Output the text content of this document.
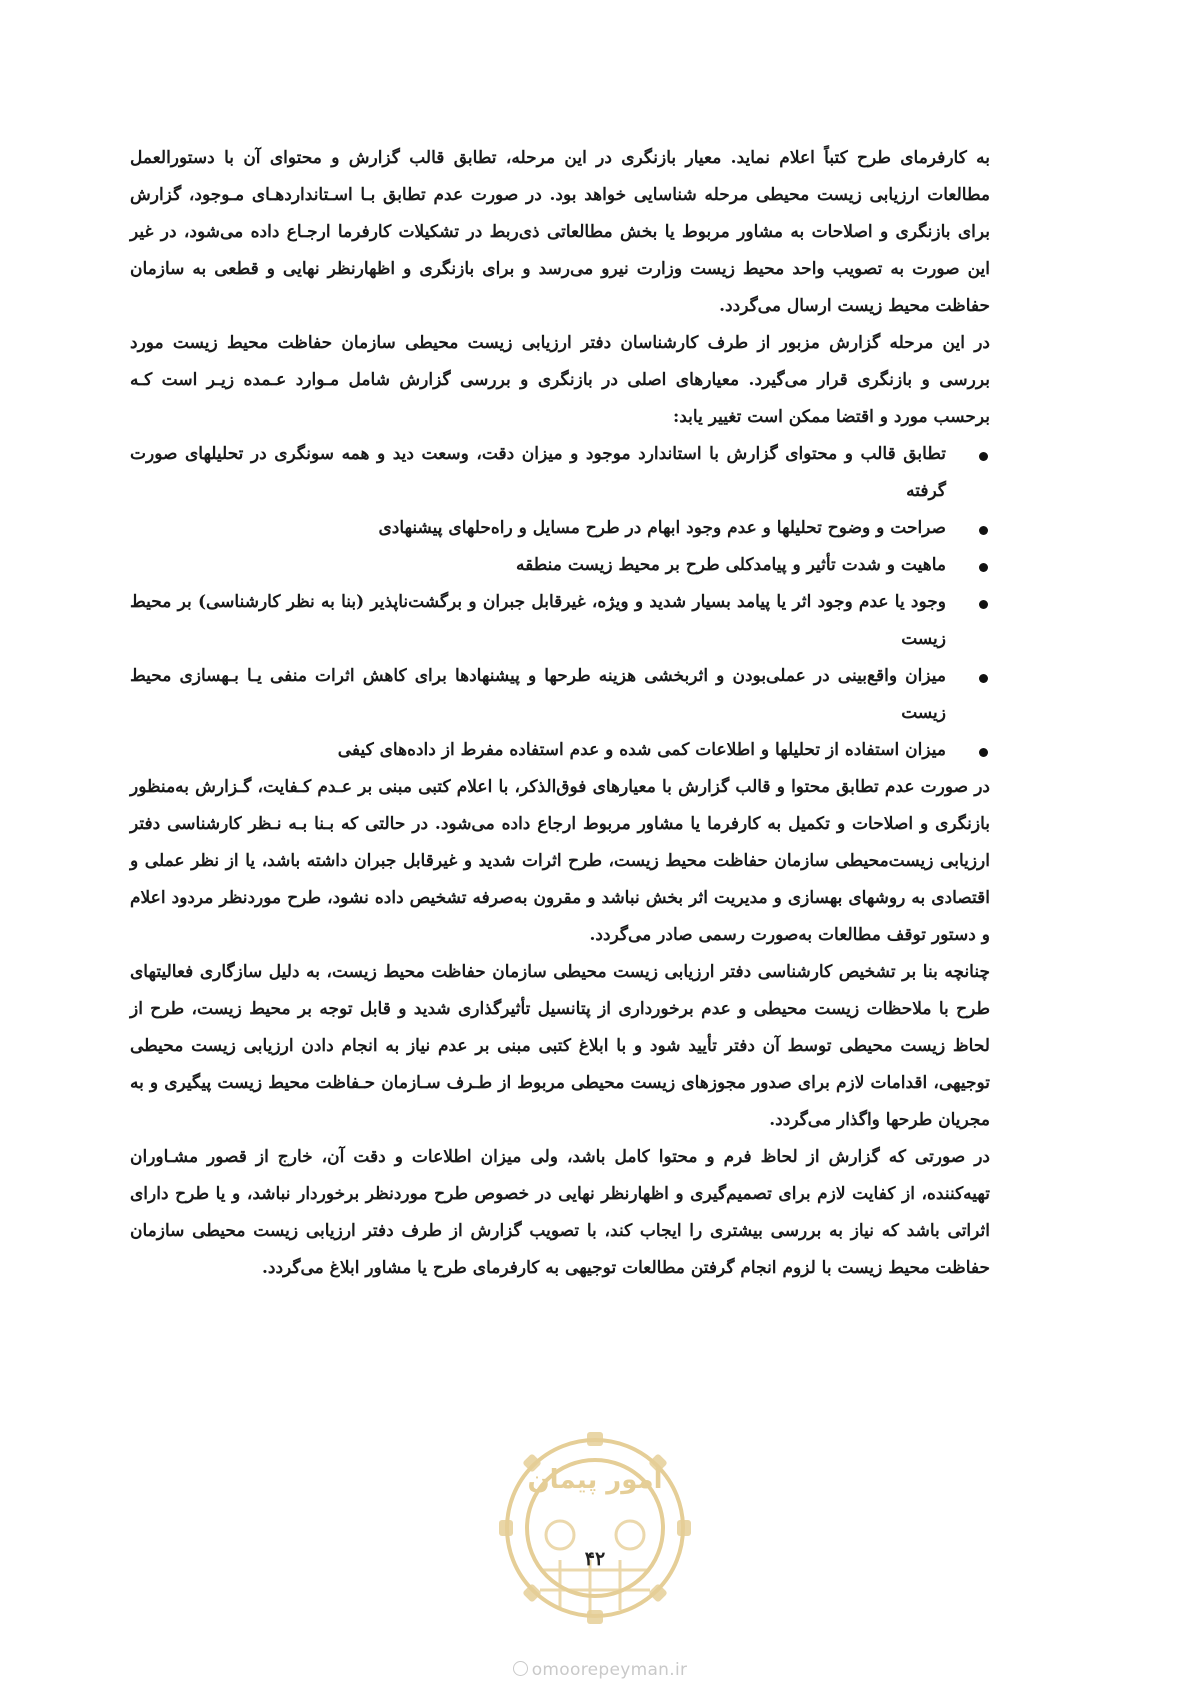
به کارفرمای طرح کتباً اعلام نماید. معیار بازنگری در این مرحله، تطابق قالب گزارش و محتوای آن با دستورالعمل مطالعات ارزیابی زیست محیطی مرحله شناسایی خواهد بود. در صورت عدم تطابق بـا اسـتانداردهـای مـوجود، گزارش برای بازنگری و اصلاحات به مشاور مربوط یا بخش مطالعاتی ذی‌ربط در تشکیلات کارفرما ارجـاع داده می‌شود، در غیر این صورت به تصویب واحد محیط زیست وزارت نیرو می‌رسد و برای بازنگری و اظهارنظر نهایی و قطعی به سازمان حفاظت محیط زیست ارسال می‌گردد.

در این مرحله گزارش مزبور از طرف کارشناسان دفتر ارزیابی زیست محیطی سازمان حفاظت محیط زیست مورد بررسی و بازنگری قرار می‌گیرد. معیارهای اصلی در بازنگری و بررسی گزارش شامل مـوارد عـمده زیـر است کـه برحسب مورد و اقتضا ممکن است تغییر یابد:

تطابق قالب و محتوای گزارش با استاندارد موجود و میزان دقت، وسعت دید و همه سونگری در تحلیلهای صورت گرفته
صراحت و وضوح تحلیلها و عدم وجود ابهام در طرح مسایل و راه‌حلهای پیشنهادی
ماهیت و شدت تأثیر و پیامدکلی طرح بر محیط زیست منطقه
وجود یا عدم وجود اثر یا پیامد بسیار شدید و ویژه، غیرقابل جبران و برگشت‌ناپذیر (بنا به نظر کارشناسی) بر محیط زیست
میزان واقع‌بینی در عملی‌بودن و اثربخشی هزینه طرحها و پیشنهادها برای کاهش اثرات منفی یـا بـهسازی محیط زیست
میزان استفاده از تحلیلها و اطلاعات کمی شده و عدم استفاده مفرط از داده‌های کیفی

در صورت عدم تطابق محتوا و قالب گزارش با معیارهای فوق‌الذکر، با اعلام کتبی مبنی بر عـدم کـفایت، گـزارش به‌منظور بازنگری و اصلاحات و تکمیل به کارفرما یا مشاور مربوط ارجاع داده می‌شود. در حالتی که بـنا بـه نـظر کارشناسی دفتر ارزیابی زیست‌محیطی سازمان حفاظت محیط زیست، طرح اثرات شدید و غیرقابل جبران داشته باشد، یا از نظر عملی و اقتصادی به روشهای بهسازی و مدیریت اثر بخش نباشد و مقرون به‌صرفه تشخیص داده نشود، طرح موردنظر مردود اعلام و دستور توقف مطالعات به‌صورت رسمی صادر می‌گردد.

چنانچه بنا بر تشخیص کارشناسی دفتر ارزیابی زیست محیطی سازمان حفاظت محیط زیست، به دلیل سازگاری فعالیتهای طرح با ملاحظات زیست محیطی و عدم برخورداری از پتانسیل تأثیرگذاری شدید و قابل توجه بر محیط زیست، طرح از لحاظ زیست محیطی توسط آن دفتر تأیید شود و با ابلاغ کتبی مبنی بر عدم نیاز به انجام دادن ارزیابی زیست محیطی توجیهی، اقدامات لازم برای صدور مجوزهای زیست محیطی مربوط از طـرف سـازمان حـفاظت محیط زیست پیگیری و به مجریان طرحها واگذار می‌گردد.

در صورتی که گزارش از لحاظ فرم و محتوا کامل باشد، ولی میزان اطلاعات و دقت آن، خارج از قصور مشـاوران تهیه‌کننده، از کفایت لازم برای تصمیم‌گیری و اظهارنظر نهایی در خصوص طرح موردنظر برخوردار نباشد، و یا طرح دارای اثراتی باشد که نیاز به بررسی بیشتری را ایجاب کند، با تصویب گزارش از طرف دفتر ارزیابی زیست محیطی سازمان حفاظت محیط زیست با لزوم انجام گرفتن مطالعات توجیهی به کارفرمای طرح یا مشاور ابلاغ می‌گردد.

امور پیمان
۴۲
omoorepeyman.ir
